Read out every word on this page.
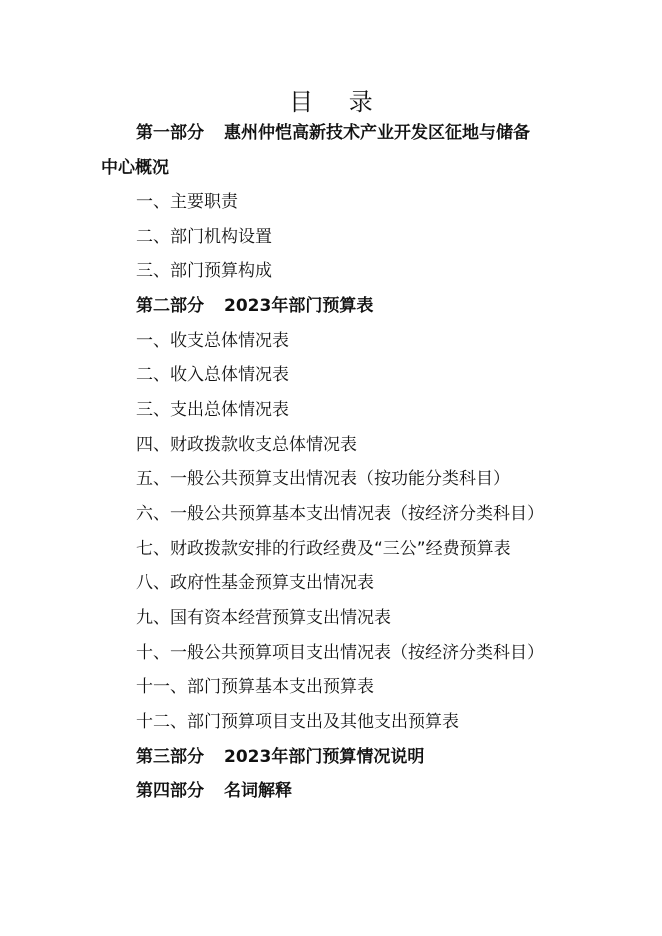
目 录
第一部分 惠州仲恺高新技术产业开发区征地与储备
中心概况
一、主要职责
二、部门机构设置
三、部门预算构成
第二部分 2023年部门预算表
一、收支总体情况表
二、收入总体情况表
三、支出总体情况表
四、财政拨款收支总体情况表
五、一般公共预算支出情况表（按功能分类科目）
六、一般公共预算基本支出情况表（按经济分类科目）
七、财政拨款安排的行政经费及“三公”经费预算表
八、政府性基金预算支出情况表
九、国有资本经营预算支出情况表
十、一般公共预算项目支出情况表（按经济分类科目）
十一、部门预算基本支出预算表
十二、部门预算项目支出及其他支出预算表
第三部分 2023年部门预算情况说明
第四部分 名词解释
